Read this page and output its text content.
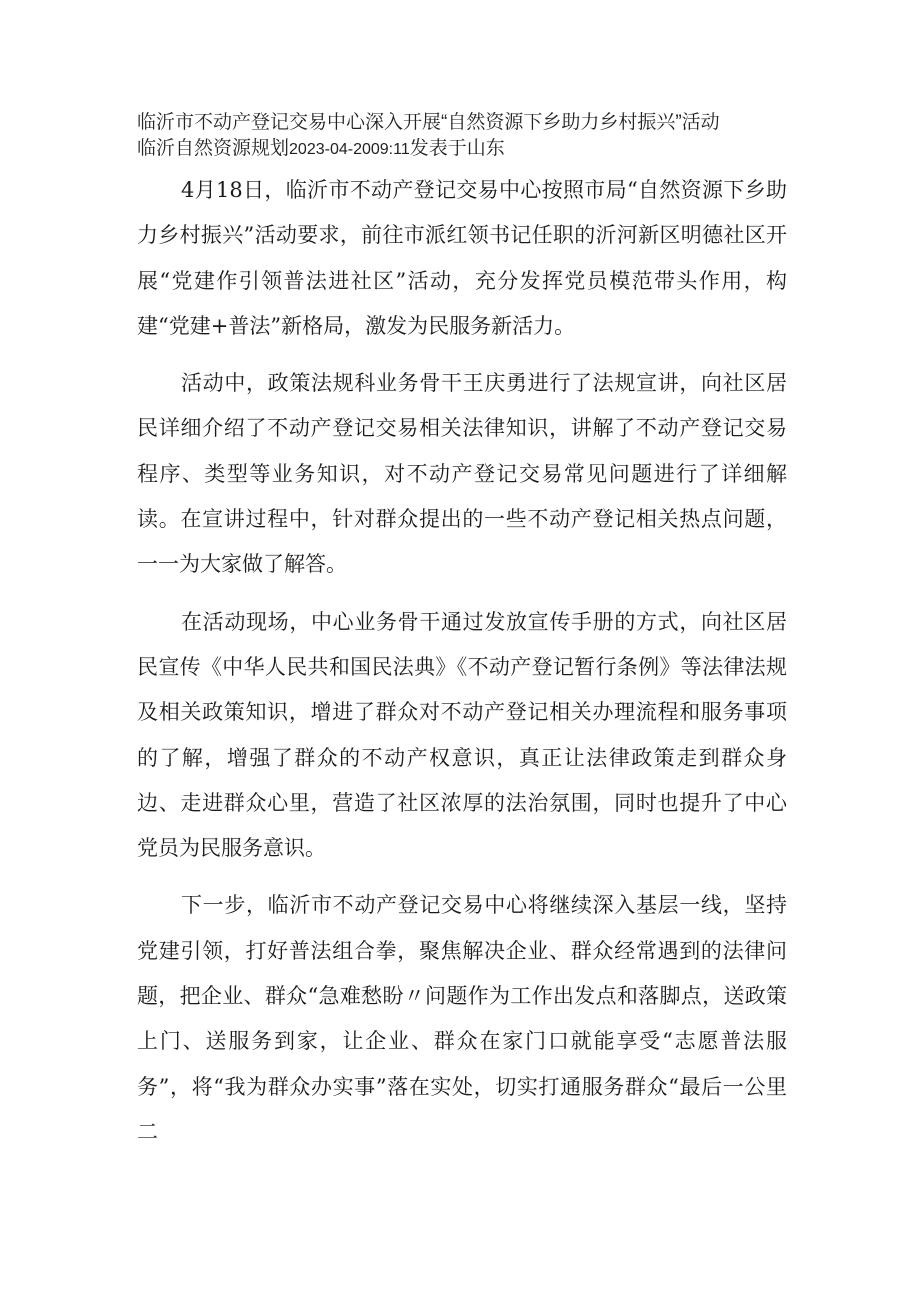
临沂市不动产登记交易中心深入开展“自然资源下乡助力乡村振兴”活动
临沂自然资源规划2023-04-2009:11发表于山东

4月18日，临沂市不动产登记交易中心按照市局“自然资源下乡助力乡村振兴”活动要求，前往市派红领书记任职的沂河新区明德社区开展“党建作引领普法进社区”活动，充分发挥党员模范带头作用，构建“党建+普法”新格局，激发为民服务新活力。

活动中，政策法规科业务骨干王庆勇进行了法规宣讲，向社区居民详细介绍了不动产登记交易相关法律知识，讲解了不动产登记交易程序、类型等业务知识，对不动产登记交易常见问题进行了详细解读。在宣讲过程中，针对群众提出的一些不动产登记相关热点问题，一一为大家做了解答。

在活动现场，中心业务骨干通过发放宣传手册的方式，向社区居民宣传《中华人民共和国民法典》《不动产登记暂行条例》等法律法规及相关政策知识，增进了群众对不动产登记相关办理流程和服务事项的了解，增强了群众的不动产权意识，真正让法律政策走到群众身边、走进群众心里，营造了社区浓厚的法治氛围，同时也提升了中心党员为民服务意识。

下一步，临沂市不动产登记交易中心将继续深入基层一线，坚持党建引领，打好普法组合拳，聚焦解决企业、群众经常遇到的法律问题，把企业、群众“急难愁盼〃问题作为工作出发点和落脚点，送政策上门、送服务到家，让企业、群众在家门口就能享受“志愿普法服务”，将“我为群众办实事”落在实处，切实打通服务群众“最后一公里二
